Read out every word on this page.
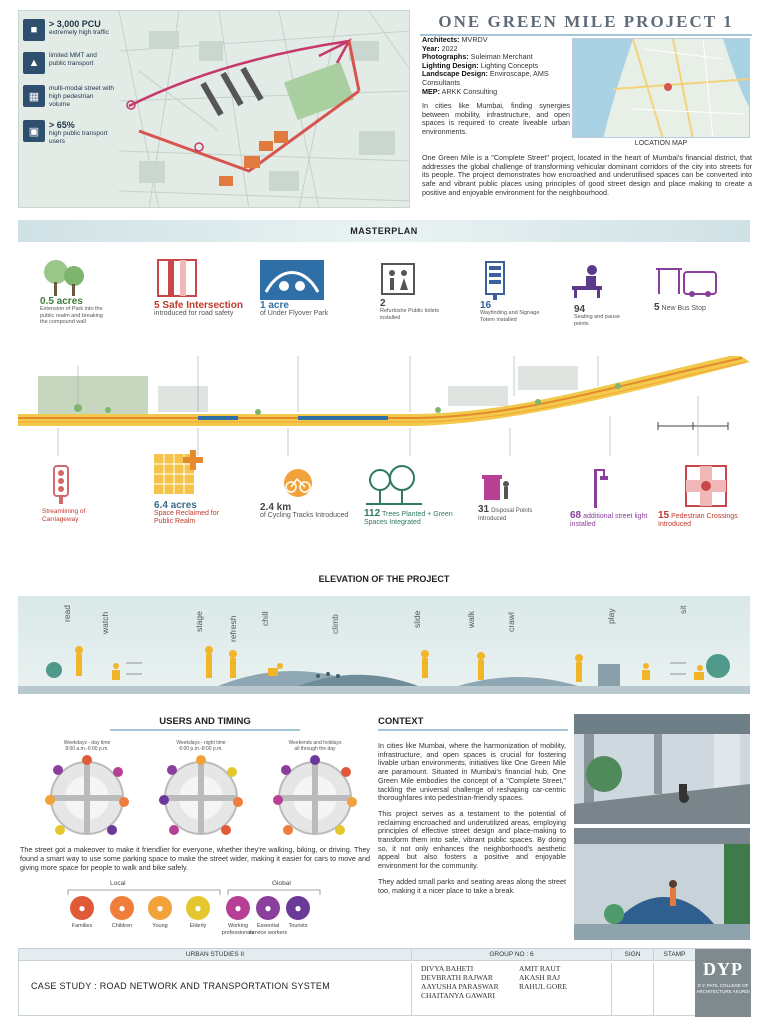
■	> 3,000 PCU
extremely high traffic
▲
limited MMT and public transport
▦
multi-modal street with high pedestrian volume
▣
> 65%
high public transport users
ONE GREEN MILE PROJECT 1
Architects: MVRDV
Year: 2022
Photographs: Suleiman Merchant
Lighting Design: Lighting Concepts
Landscape Design: Enviroscape, AMS Consultants
MEP: ARKK Consulting
In cities like Mumbai, finding synergies between mobility, infrastructure, and open spaces is required to create liveable urban environments.
LOCATION MAP
One Green Mile is a "Complete Street" project, located in the heart of Mumbai's financial district, that addresses the global challenge of transforming vehicular dominant corridors of the city into streets for its people. The project demonstrates how encroached and underutilised spaces can be converted into safe and vibrant public places using principles of good street design and place making to create a positive and enjoyable environment for the neighbourhood.
MASTERPLAN
0.5 acres
Extension of Park into the public realm and breaking the compound wall
5 Safe Intersection
introduced for road safety
1 acre
of Under Flyover Park
2
Refurbishe Public toilets installed
16
Wayfinding and Signage Totem installed
94
Seating and pause points
5 New Bus Stop
Streamlining of Carriageway
6.4 acres
Space Reclaimed for Public Realm
2.4 km
of Cycling Tracks Introduced 112 Trees Planted + Green Spaces Integrated
31 Disposal Points Introduced	68 additional street light installed
15 Pedestrian Crossings Introduced
ELEVATION OF THE PROJECT
read	watch	stage	refresh	chill	climb	slide	walk	crawl	play	sit
USERS AND TIMING
Weekdays - day time
8:00 a.m.-6:00 p.m.
Weekdays - night time
6:00 p.m.-8:00 p.m.
Weekends and holidays
all through the day
The street got a makeover to make it friendlier for everyone, whether they're walking, biking, or driving. They found a smart way to use some parking space to make the street wider, making it easier for cars to move and giving more space for people to walk and bike safely.
Local	Global
●
Families
●
Children
●
Young
●
Elderly
●
Working professionals
●
Essential service workers
●
Tourists
CONTEXT

In cities like Mumbai, where the harmonization of mobility, infrastructure, and open spaces is crucial for fostering livable urban environments, initiatives like One Green Mile are paramount. Situated in Mumbai's financial hub, One Green Mile embodies the concept of a "Complete Street," tackling the universal challenge of reshaping car-centric thoroughfares into pedestrian-friendly spaces.

This project serves as a testament to the potential of reclaiming encroached and underutilized areas, employing principles of effective street design and place-making to transform them into safe, vibrant public spaces. By doing so, it not only enhances the neighborhood's aesthetic appeal but also fosters a positive and enjoyable environment for the community.

They added small parks and seating areas along the street too, making it a nicer place to take a break.

URBAN STUDIES II	GROUP NO : 6	SIGN	STAMP
CASE STUDY : ROAD NETWORK AND TRANSPORTATION SYSTEM
DIVYA BAHETI
DEVBRATH RAJWAR
AAYUSHA PARASWAR
CHAITANYA GAWARI
AMIT RAUT
AKASH RAJ
RAHUL GORE
DYP
D.Y. PATIL COLLEGE OF ARCHITECTURE AKURDI
